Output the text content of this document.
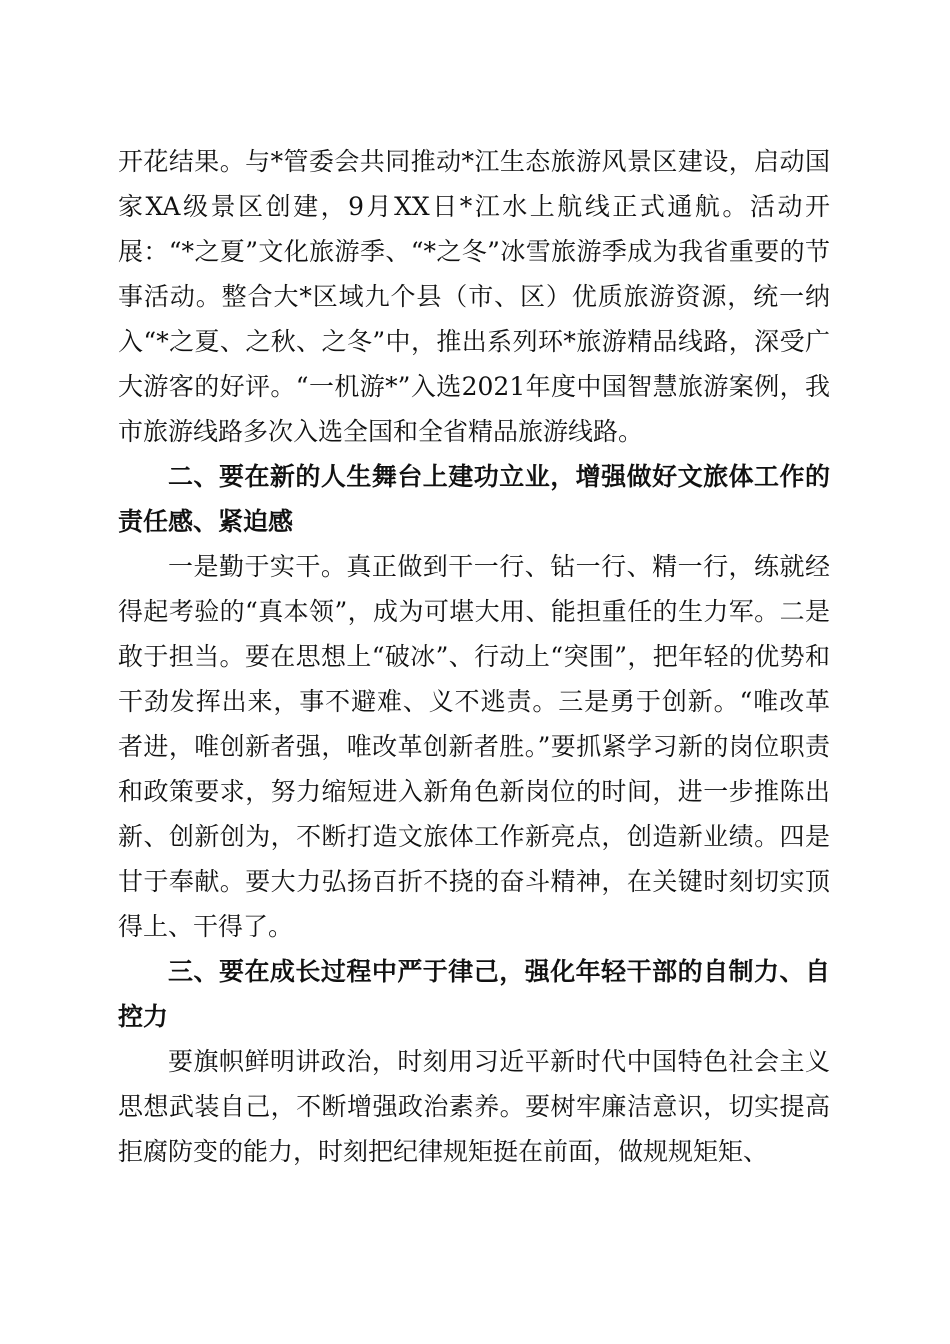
开花结果。与*管委会共同推动*江生态旅游风景区建设，启动国家XA级景区创建，9月XX日*江水上航线正式通航。活动开展：“*之夏”文化旅游季、“*之冬”冰雪旅游季成为我省重要的节事活动。整合大*区域九个县（市、区）优质旅游资源，统一纳入“*之夏、之秋、之冬”中，推出系列环*旅游精品线路，深受广大游客的好评。“一机游*”入选2021年度中国智慧旅游案例，我市旅游线路多次入选全国和全省精品旅游线路。

二、要在新的人生舞台上建功立业，增强做好文旅体工作的责任感、紧迫感

一是勤于实干。真正做到干一行、钻一行、精一行，练就经得起考验的“真本领”，成为可堪大用、能担重任的生力军。二是敢于担当。要在思想上“破冰”、行动上“突围”，把年轻的优势和干劲发挥出来，事不避难、义不逃责。三是勇于创新。“唯改革者进，唯创新者强，唯改革创新者胜。”要抓紧学习新的岗位职责和政策要求，努力缩短进入新角色新岗位的时间，进一步推陈出新、创新创为，不断打造文旅体工作新亮点，创造新业绩。四是甘于奉献。要大力弘扬百折不挠的奋斗精神，在关键时刻切实顶得上、干得了。

三、要在成长过程中严于律己，强化年轻干部的自制力、自控力

要旗帜鲜明讲政治，时刻用习近平新时代中国特色社会主义思想武装自己，不断增强政治素养。要树牢廉洁意识，切实提高拒腐防变的能力，时刻把纪律规矩挺在前面，做规规矩矩、
